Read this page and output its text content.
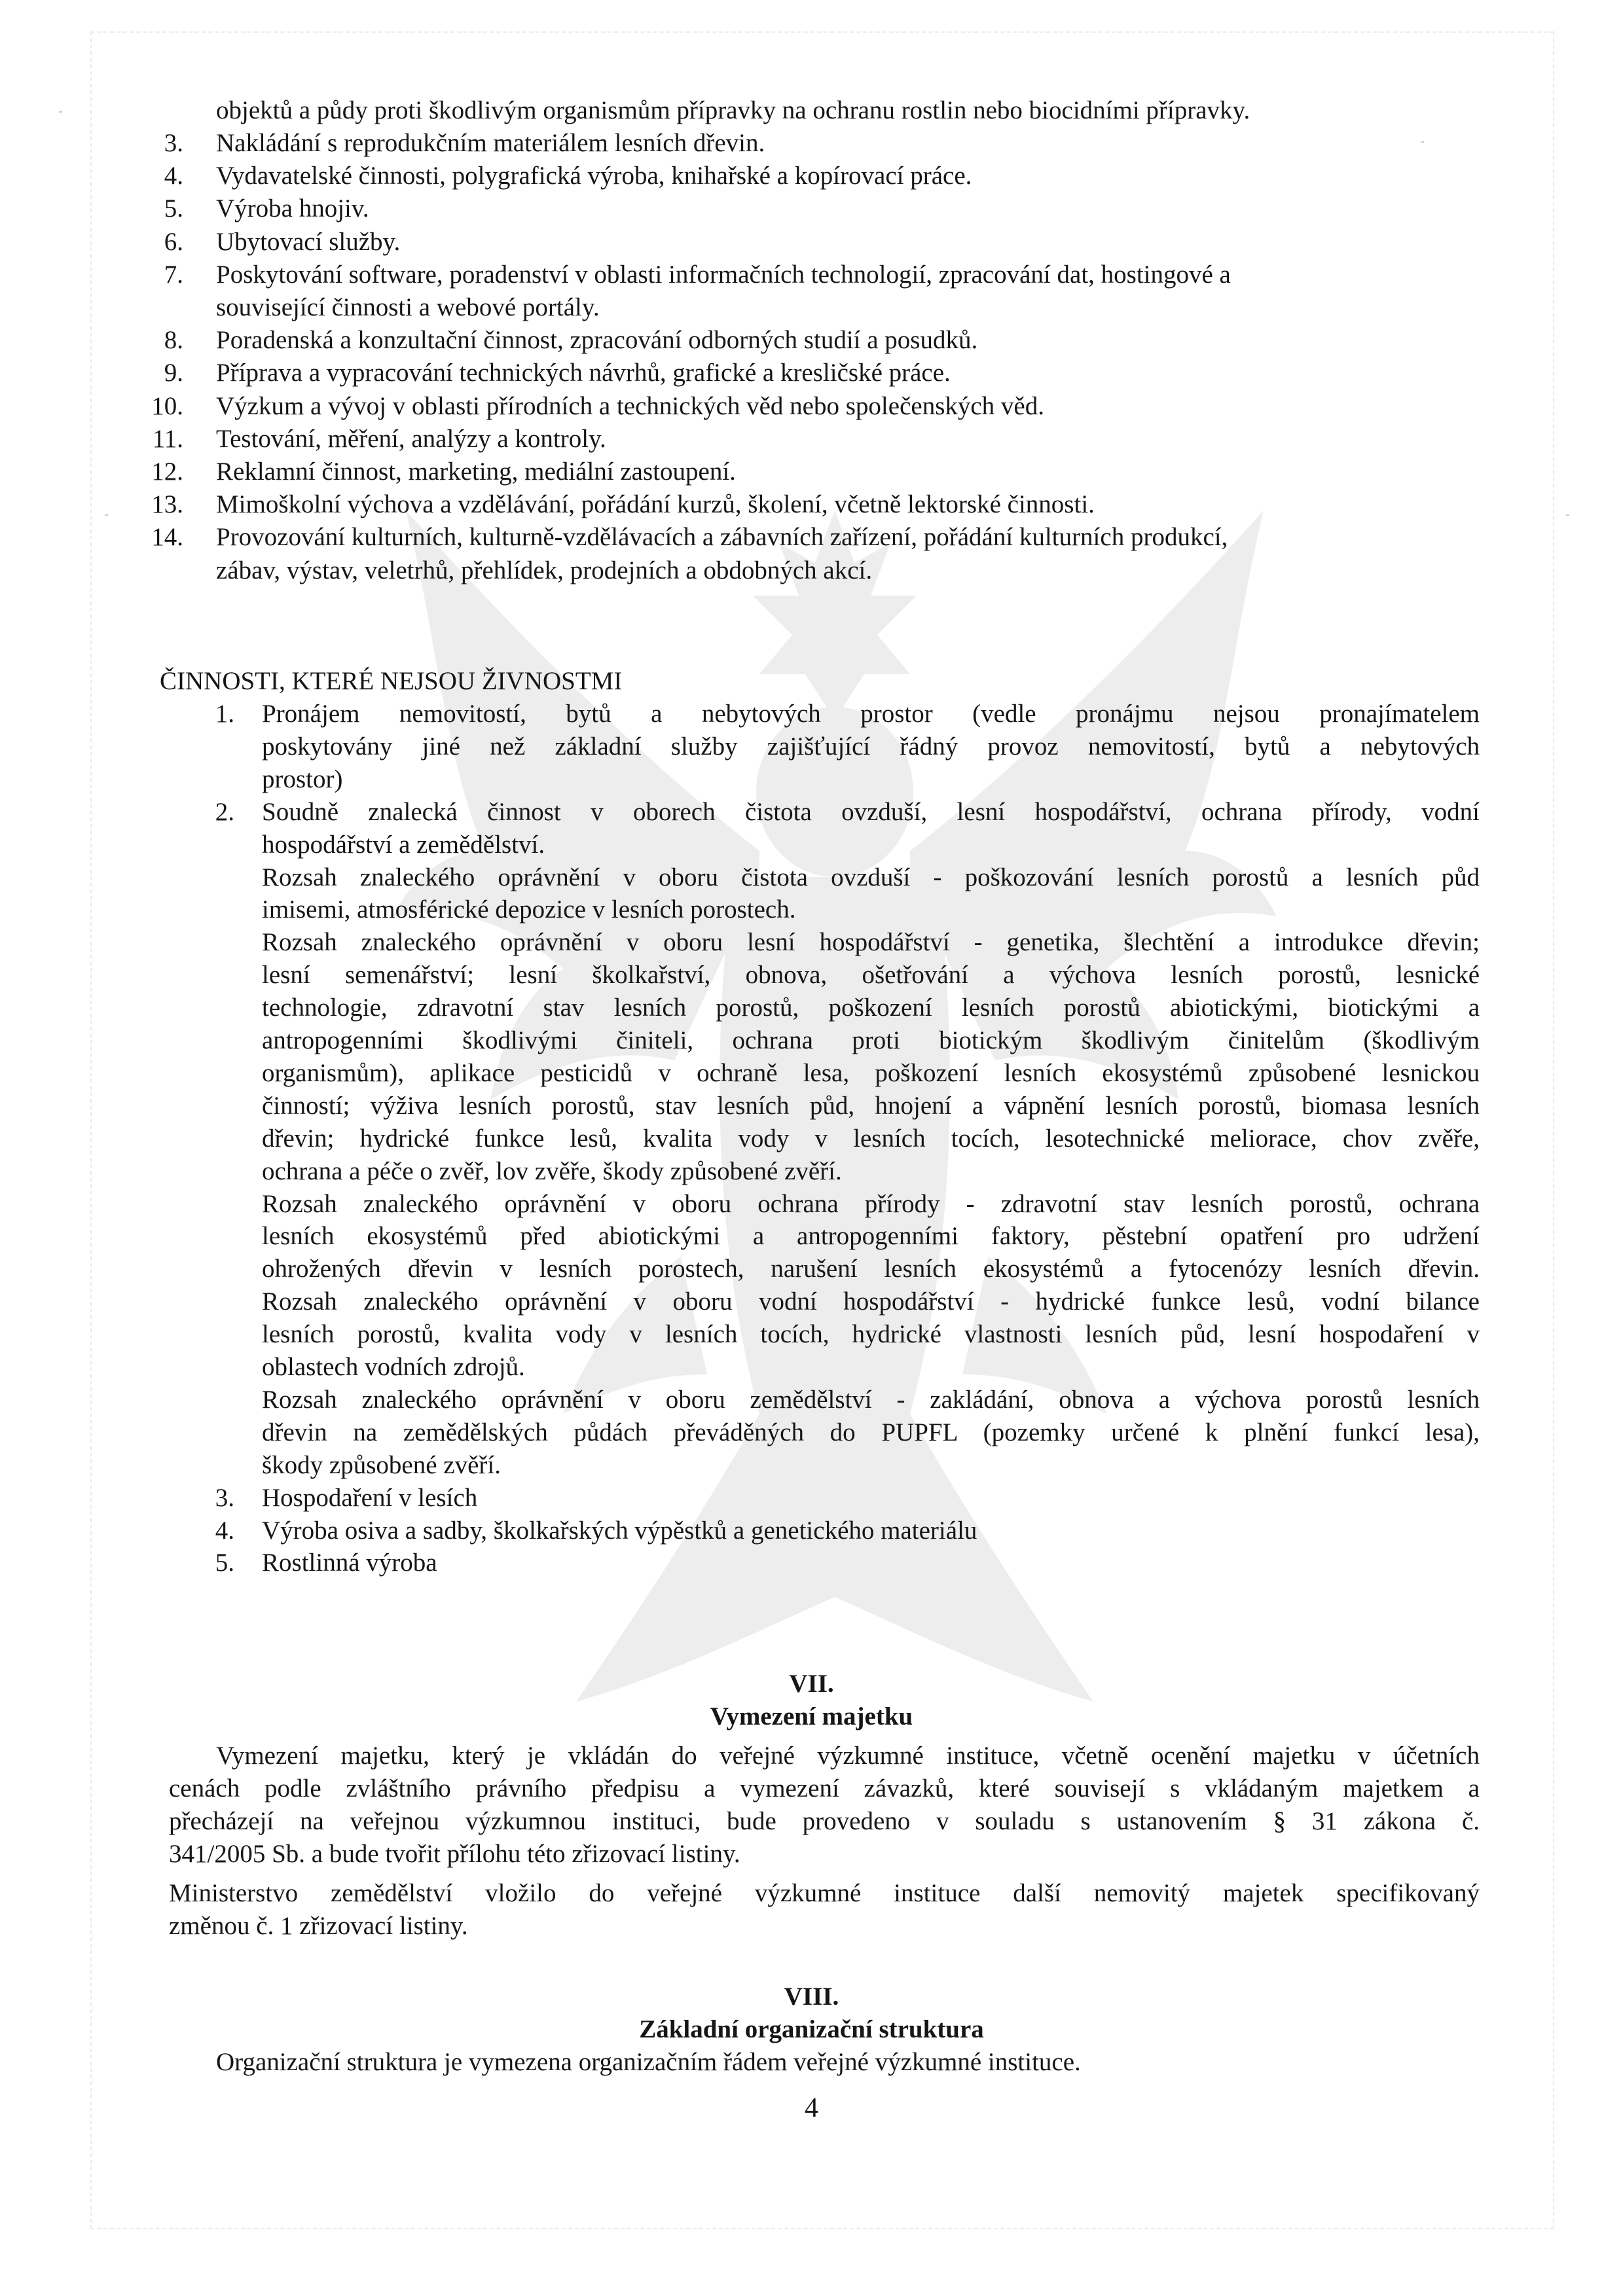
objektů a půdy proti škodlivým organismům přípravky na ochranu rostlin nebo biocidními přípravky.
3. Nakládání s reprodukčním materiálem lesních dřevin.
4. Vydavatelské činnosti, polygrafická výroba, knihařské a kopírovací práce.
5. Výroba hnojiv.
6. Ubytovací služby.
7. Poskytování software, poradenství v oblasti informačních technologií, zpracování dat, hostingové a
související činnosti a webové portály.
8. Poradenská a konzultační činnost, zpracování odborných studií a posudků.
9. Příprava a vypracování technických návrhů, grafické a kresličské práce.
10. Výzkum a vývoj v oblasti přírodních a technických věd nebo společenských věd.
11. Testování, měření, analýzy a kontroly.
12. Reklamní činnost, marketing, mediální zastoupení.
13. Mimoškolní výchova a vzdělávání, pořádání kurzů, školení, včetně lektorské činnosti.
14. Provozování kulturních, kulturně-vzdělávacích a zábavních zařízení, pořádání kulturních produkcí,
zábav, výstav, veletrhů, přehlídek, prodejních a obdobných akcí.
ČINNOSTI, KTERÉ NEJSOU ŽIVNOSTMI
1. Pronájem nemovitostí, bytů a nebytových prostor (vedle pronájmu nejsou pronajímatelem
poskytovány jiné než základní služby zajišťující řádný provoz nemovitostí, bytů a nebytových
prostor)
2. Soudně znalecká činnost v oborech čistota ovzduší, lesní hospodářství, ochrana přírody, vodní
hospodářství a zemědělství.
Rozsah znaleckého oprávnění v oboru čistota ovzduší - poškozování lesních porostů a lesních půd
imisemi, atmosférické depozice v lesních porostech.
Rozsah znaleckého oprávnění v oboru lesní hospodářství - genetika, šlechtění a introdukce dřevin;
lesní semenářství; lesní školkařství, obnova, ošetřování a výchova lesních porostů, lesnické
technologie, zdravotní stav lesních porostů, poškození lesních porostů abiotickými, biotickými a
antropogenními škodlivými činiteli, ochrana proti biotickým škodlivým činitelům (škodlivým
organismům), aplikace pesticidů v ochraně lesa, poškození lesních ekosystémů způsobené lesnickou
činností; výživa lesních porostů, stav lesních půd, hnojení a vápnění lesních porostů, biomasa lesních
dřevin; hydrické funkce lesů, kvalita vody v lesních tocích, lesotechnické meliorace, chov zvěře,
ochrana a péče o zvěř, lov zvěře, škody způsobené zvěří.
Rozsah znaleckého oprávnění v oboru ochrana přírody - zdravotní stav lesních porostů, ochrana
lesních ekosystémů před abiotickými a antropogenními faktory, pěstební opatření pro udržení
ohrožených dřevin v lesních porostech, narušení lesních ekosystémů a fytocenózy lesních dřevin.
Rozsah znaleckého oprávnění v oboru vodní hospodářství - hydrické funkce lesů, vodní bilance
lesních porostů, kvalita vody v lesních tocích, hydrické vlastnosti lesních půd, lesní hospodaření v
oblastech vodních zdrojů.
Rozsah znaleckého oprávnění v oboru zemědělství - zakládání, obnova a výchova porostů lesních
dřevin na zemědělských půdách převáděných do PUPFL (pozemky určené k plnění funkcí lesa),
škody způsobené zvěří.
3. Hospodaření v lesích
4. Výroba osiva a sadby, školkařských výpěstků a genetického materiálu
5. Rostlinná výroba
VII.
Vymezení majetku
Vymezení majetku, který je vkládán do veřejné výzkumné instituce, včetně ocenění majetku v účetních
cenách podle zvláštního právního předpisu a vymezení závazků, které souvisejí s vkládaným majetkem a
přecházejí na veřejnou výzkumnou instituci, bude provedeno v souladu s ustanovením § 31 zákona č.
341/2005 Sb. a bude tvořit přílohu této zřizovací listiny.
Ministerstvo zemědělství vložilo do veřejné výzkumné instituce další nemovitý majetek specifikovaný
změnou č. 1 zřizovací listiny.
VIII.
Základní organizační struktura
Organizační struktura je vymezena organizačním řádem veřejné výzkumné instituce.
4
